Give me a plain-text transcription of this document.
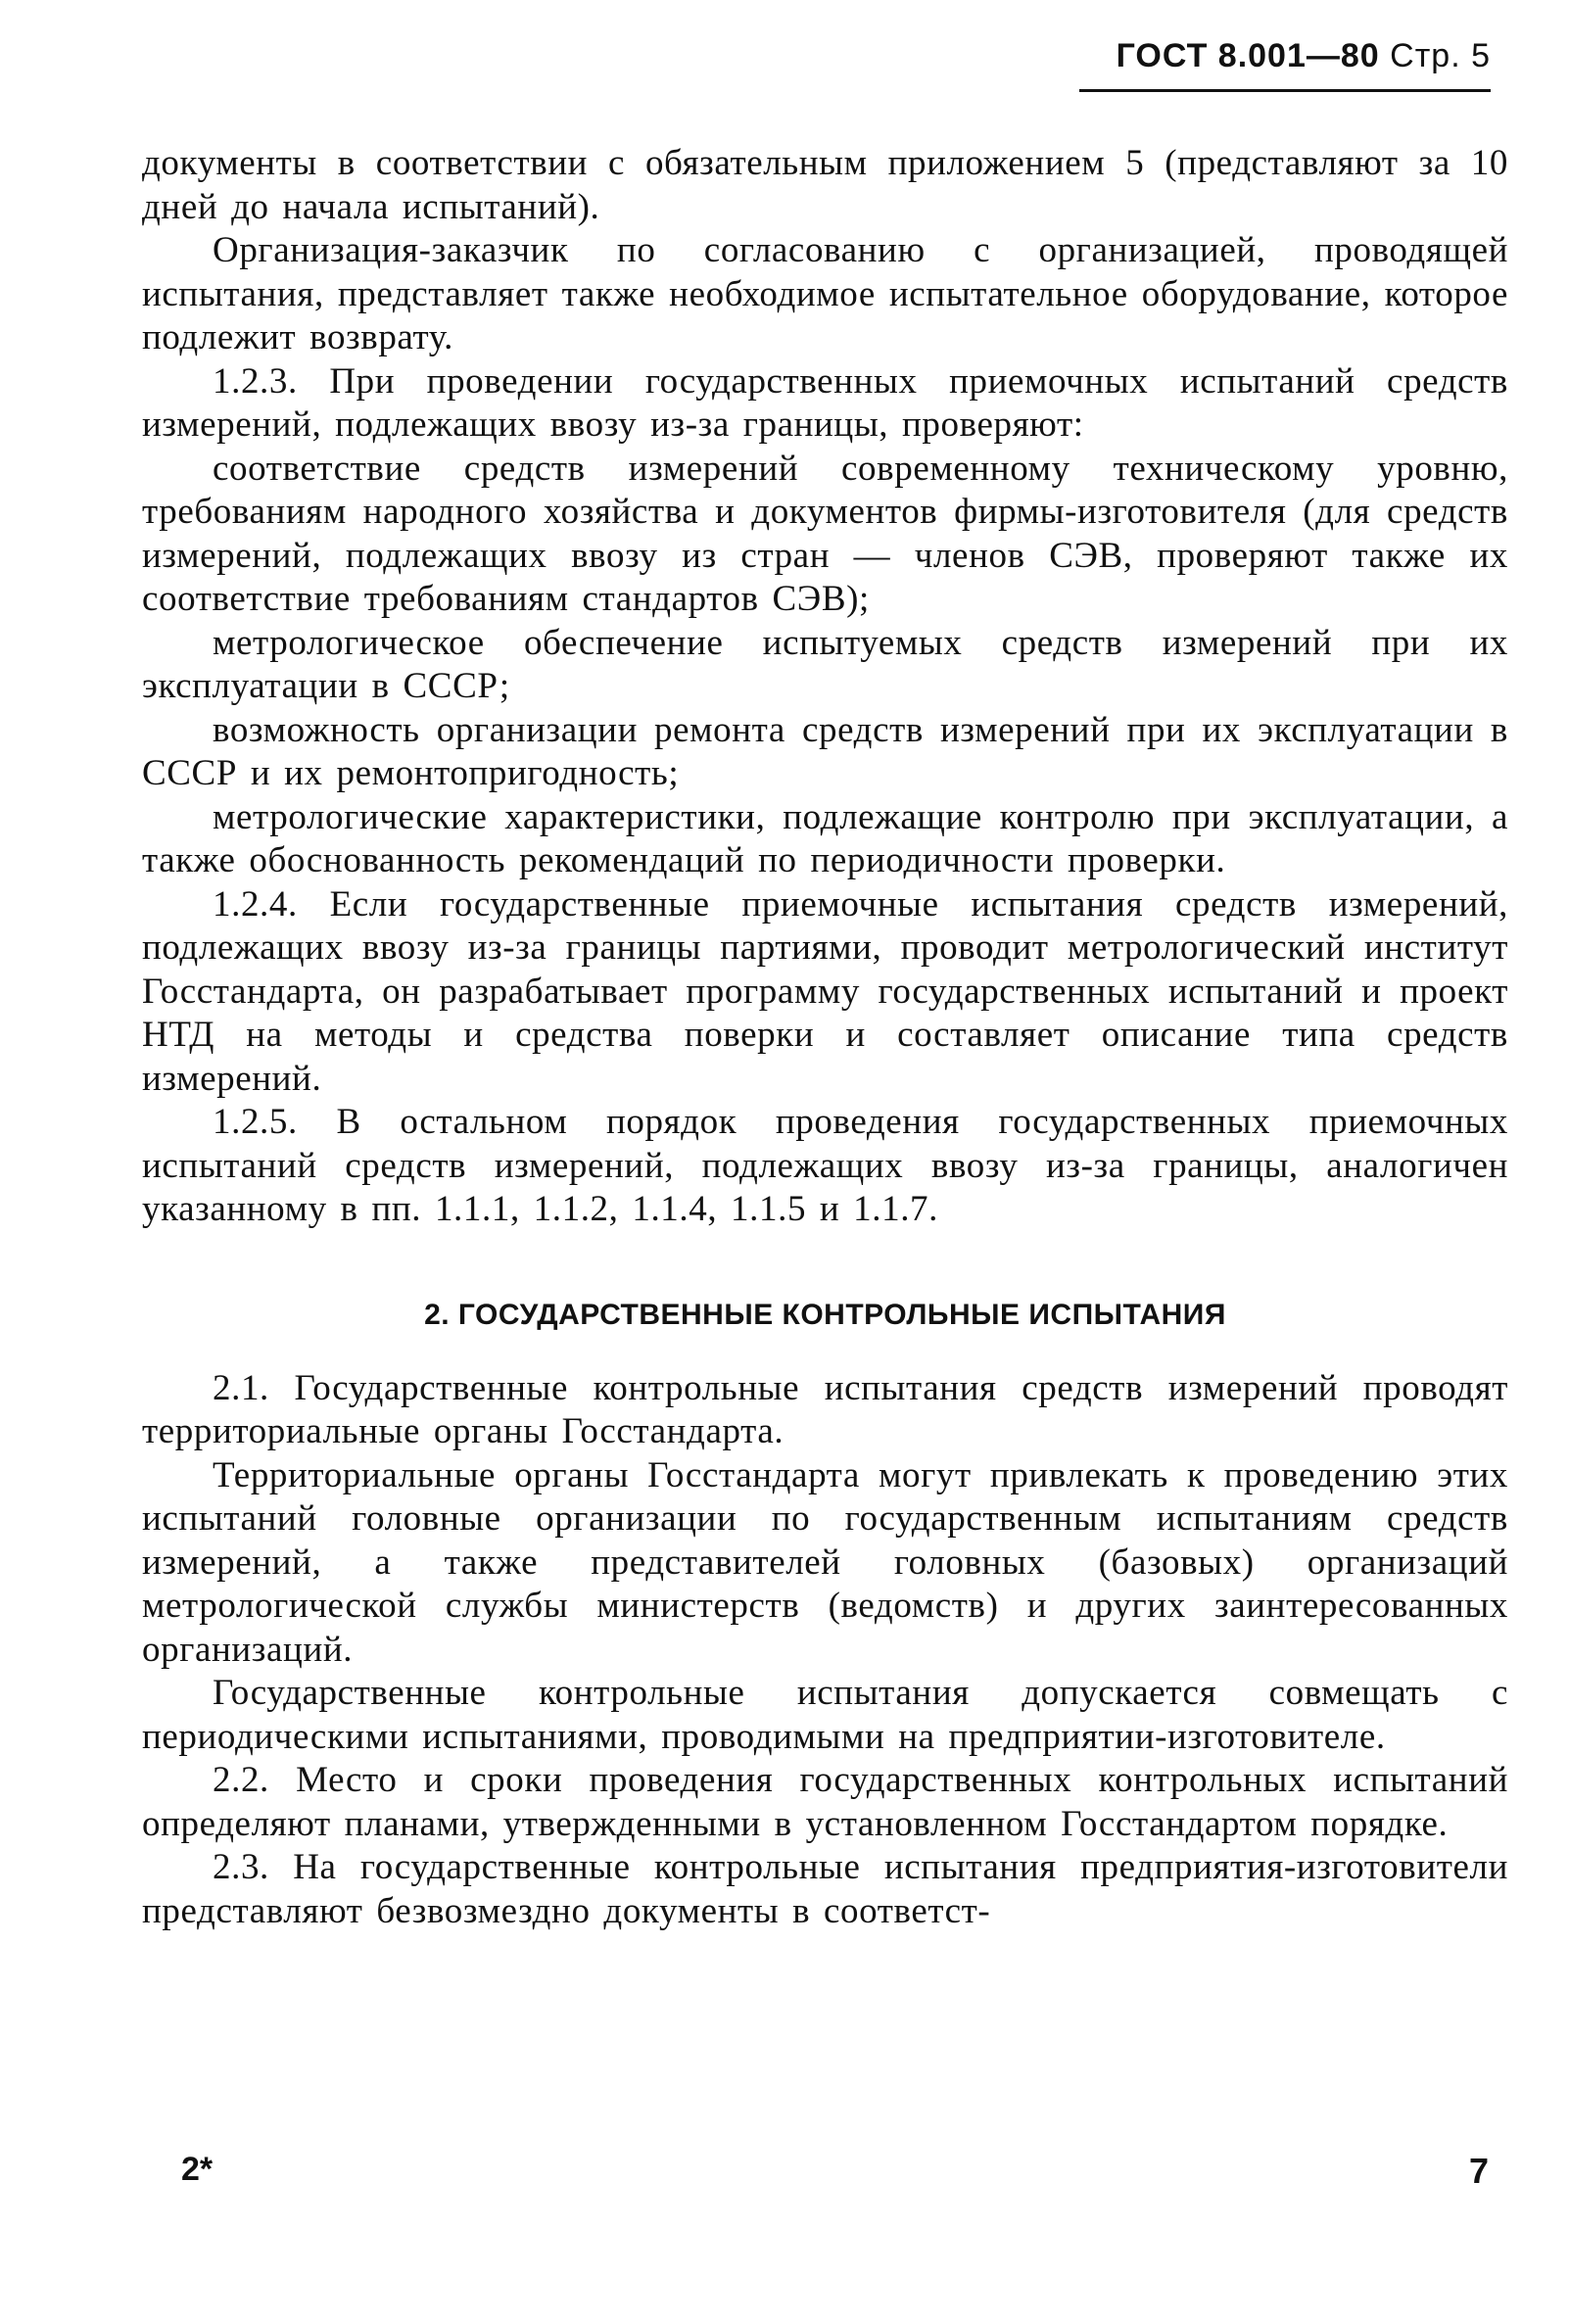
ГОСТ 8.001—80 Стр. 5

документы в соответствии с обязательным приложением 5 (представляют за 10 дней до начала испытаний).

Организация-заказчик по согласованию с организацией, проводящей испытания, представляет также необходимое испытательное оборудование, которое подлежит возврату.

1.2.3. При проведении государственных приемочных испытаний средств измерений, подлежащих ввозу из-за границы, проверяют:

соответствие средств измерений современному техническому уровню, требованиям народного хозяйства и документов фирмы-изготовителя (для средств измерений, подлежащих ввозу из стран — членов СЭВ, проверяют также их соответствие требованиям стандартов СЭВ);

метрологическое обеспечение испытуемых средств измерений при их эксплуатации в СССР;

возможность организации ремонта средств измерений при их эксплуатации в СССР и их ремонтопригодность;

метрологические характеристики, подлежащие контролю при эксплуатации, а также обоснованность рекомендаций по периодичности проверки.

1.2.4. Если государственные приемочные испытания средств измерений, подлежащих ввозу из-за границы партиями, проводит метрологический институт Госстандарта, он разрабатывает программу государственных испытаний и проект НТД на методы и средства поверки и составляет описание типа средств измерений.

1.2.5. В остальном порядок проведения государственных приемочных испытаний средств измерений, подлежащих ввозу из-за границы, аналогичен указанному в пп. 1.1.1, 1.1.2, 1.1.4, 1.1.5 и 1.1.7.

2. ГОСУДАРСТВЕННЫЕ КОНТРОЛЬНЫЕ ИСПЫТАНИЯ

2.1. Государственные контрольные испытания средств измерений проводят территориальные органы Госстандарта.

Территориальные органы Госстандарта могут привлекать к проведению этих испытаний головные организации по государственным испытаниям средств измерений, а также представителей головных (базовых) организаций метрологической службы министерств (ведомств) и других заинтересованных организаций.

Государственные контрольные испытания допускается совмещать с периодическими испытаниями, проводимыми на предприятии-изготовителе.

2.2. Место и сроки проведения государственных контрольных испытаний определяют планами, утвержденными в установленном Госстандартом порядке.

2.3. На государственные контрольные испытания предприятия-изготовители представляют безвозмездно документы в соответст-

2*	7
